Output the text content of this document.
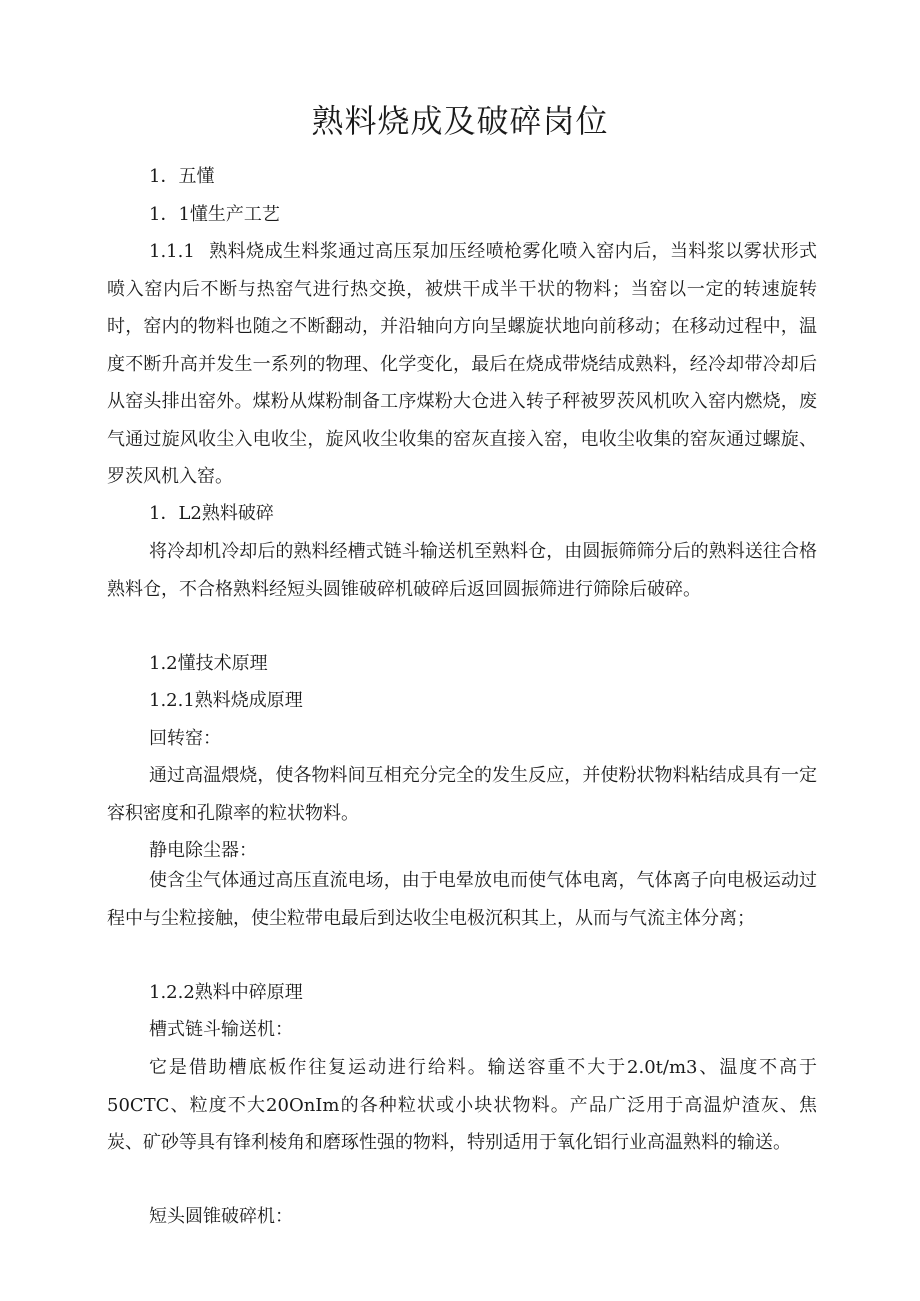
熟料烧成及破碎岗位

1．五懂

1．1懂生产工艺

1.1.1 熟料烧成生料浆通过高压泵加压经喷枪雾化喷入窑内后，当料浆以雾状形式喷入窑内后不断与热窑气进行热交换，被烘干成半干状的物料；当窑以一定的转速旋转时，窑内的物料也随之不断翻动，并沿轴向方向呈螺旋状地向前移动；在移动过程中，温度不断升高并发生一系列的物理、化学变化，最后在烧成带烧结成熟料，经冷却带冷却后从窑头排出窑外。煤粉从煤粉制备工序煤粉大仓进入转子秤被罗茨风机吹入窑内燃烧，废气通过旋风收尘入电收尘，旋风收尘收集的窑灰直接入窑，电收尘收集的窑灰通过螺旋、罗茨风机入窑。

1．L2熟料破碎

将冷却机冷却后的熟料经槽式链斗输送机至熟料仓，由圆振筛筛分后的熟料送往合格熟料仓，不合格熟料经短头圆锥破碎机破碎后返回圆振筛进行筛除后破碎。

1.2懂技术原理

1.2.1熟料烧成原理

回转窑：

通过高温煨烧，使各物料间互相充分完全的发生反应，并使粉状物料粘结成具有一定容积密度和孔隙率的粒状物料。

静电除尘器：

使含尘气体通过高压直流电场，由于电晕放电而使气体电离，气体离子向电极运动过程中与尘粒接触，使尘粒带电最后到达收尘电极沉积其上，从而与气流主体分离；

1.2.2熟料中碎原理

槽式链斗输送机：

它是借助槽底板作往复运动进行给料。输送容重不大于2.0t∕m3、温度不高于50CTC、粒度不大20OnIm的各种粒状或小块状物料。产品广泛用于高温炉渣灰、焦炭、矿砂等具有锋利棱角和磨琢性强的物料，特别适用于氧化铝行业高温熟料的输送。

短头圆锥破碎机：
